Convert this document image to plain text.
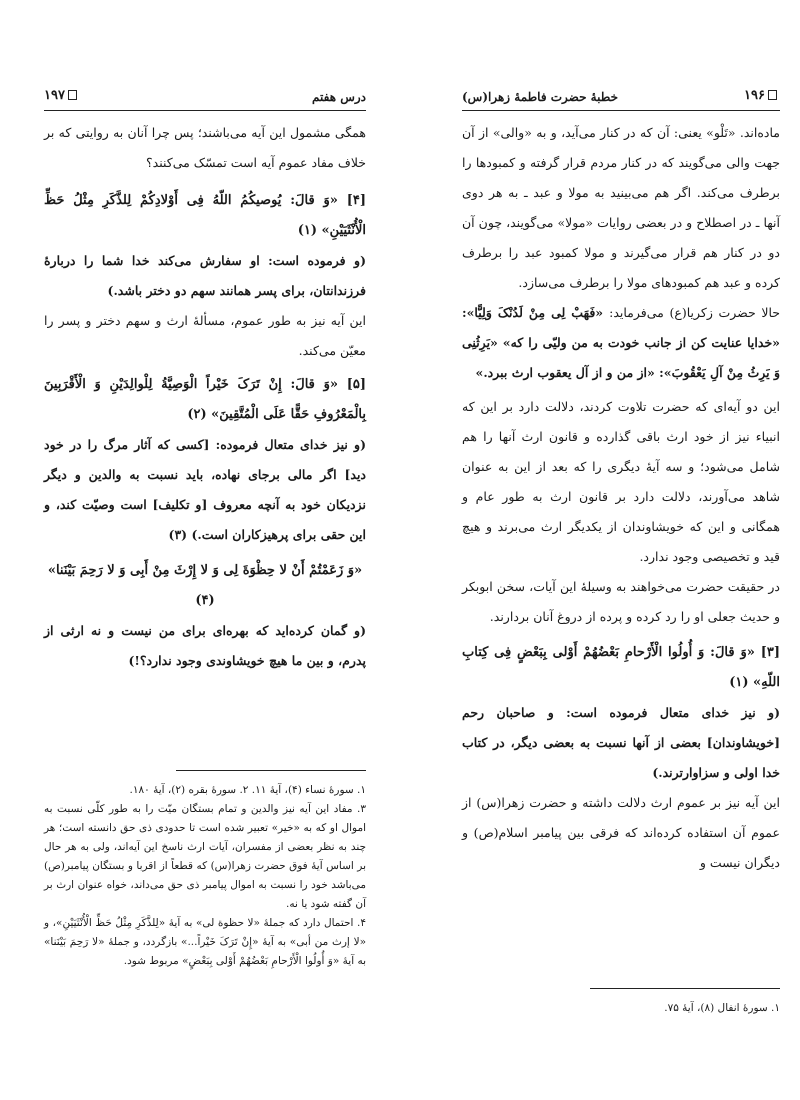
درس هفتم
۱۹۷

همگی مشمول این آیه می‌باشند؛ پس چرا آنان به روایتی که بر خلاف مفاد عموم آیه است تمسّک می‌کنند؟

[۴] «وَ قالَ: یُوصیکُمُ اللّهُ فِی أَوْلادِکُمْ لِلذَّکَرِ مِثْلُ حَظِّ الْأُنْثَیَیْنِ» (۱)

(و فرموده است: او سفارش می‌کند خدا شما را دربارهٔ فرزندانتان، برای پسر همانند سهم دو دختر باشد.)

این آیه نیز به طور عموم، مسألهٔ ارث و سهم دختر و پسر را معیّن می‌کند.

[۵] «وَ قالَ: إِنْ تَرَکَ خَیْراً الْوَصِیَّةُ لِلْوالِدَیْنِ وَ الْأَقْرَبِینَ بِالْمَعْرُوفِ حَقًّا عَلَی الْمُتَّقِینَ» (۲)

(و نیز خدای متعال فرموده: [کسی که آثار مرگ را در خود دید] اگر مالی برجای نهاده، باید نسبت به والدین و دیگر نزدیکان خود به آنچه معروف [و تکلیف] است وصیّت کند، و این حقی برای پرهیزکاران است.) (۳)

«وَ زَعَمْتُمْ أَنْ لا حِظْوَةَ لِی وَ لا إِرْثَ مِنْ أَبِی وَ لا رَحِمَ بَیْنَنا» (۴)

(و گمان کرده‌اید که بهره‌ای برای من نیست و نه ارثی از پدرم، و بین ما هیچ خویشاوندی وجود ندارد؟!)

۱. سورهٔ نساء (۴)، آیهٔ ۱۱. ۲. سورهٔ بقره (۲)، آیهٔ ۱۸۰.

۳. مفاد این آیه نیز والدین و تمام بستگان میّت را به طور کلّی نسبت به اموال او که به «خیر» تعبیر شده است تا حدودی ذی حق دانسته است؛ هر چند به نظر بعضی از مفسران، آیات ارث ناسخ این آیه‌اند، ولی به هر حال بر اساس آیهٔ فوق حضرت زهرا(س) که قطعاً از اقربا و بستگان پیامبر(ص) می‌باشد خود را نسبت به اموال پیامبر ذی حق می‌داند، خواه عنوان ارث بر آن گفته شود یا نه.

۴. احتمال دارد که جملهٔ «لا حظوة لی» به آیهٔ «لِلذَّکَرِ مِثْلُ حَظِّ الْأُنْثَیَیْنِ»، و «لا إرث من أبی» به آیهٔ «إِنْ تَرَکَ خَیْراً...» بازگردد، و جملهٔ «لا رَحِمَ بَیْنَنا» به آیهٔ «وَ أُولُوا الْأَرْحامِ بَعْضُهُمْ أَوْلی بِبَعْضٍ» مربوط شود.

۱۹۶
خطبهٔ حضرت فاطمهٔ زهرا(س)

ماده‌اند. «تَلْو» یعنی: آن که در کنار می‌آید، و به «والی» از آن جهت والی می‌گویند که در کنار مردم قرار گرفته و کمبودها را برطرف می‌کند. اگر هم می‌بینید به مولا و عبد ـ به هر دوی آنها ـ در اصطلاح و در بعضی روایات «مولا» می‌گویند، چون آن دو در کنار هم قرار می‌گیرند و مولا کمبود عبد را برطرف کرده و عبد هم کمبودهای مولا را برطرف می‌سازد.

حالا حضرت زکریا(ع) می‌فرماید: «فَهَبْ لِی مِنْ لَدُنْکَ وَلِیًّا»: «خدایا عنایت کن از جانب خودت به من ولیّی را که» «یَرِثُنِی وَ یَرِثُ مِنْ آلِ یَعْقُوبَ»: «از من و از آل یعقوب ارث ببرد.»

این دو آیه‌ای که حضرت تلاوت کردند، دلالت دارد بر این که انبیاء نیز از خود ارث باقی گذارده و قانون ارث آنها را هم شامل می‌شود؛ و سه آیهٔ دیگری را که بعد از این به عنوان شاهد می‌آورند، دلالت دارد بر قانون ارث به طور عام و همگانی و این که خویشاوندان از یکدیگر ارث می‌برند و هیچ قید و تخصیصی وجود ندارد.

در حقیقت حضرت می‌خواهند به وسیلهٔ این آیات، سخن ابوبکر و حدیث جعلی او را رد کرده و پرده از دروغ آنان بردارند.

[۳] «وَ قالَ: وَ أُولُوا الْأَرْحامِ بَعْضُهُمْ أَوْلی بِبَعْضٍ فِی کِتابِ اللّهِ» (۱)

(و نیز خدای متعال فرموده است: و صاحبان رحم [خویشاوندان] بعضی از آنها نسبت به بعضی دیگر، در کتاب خدا اولی و سزاوارترند.)

این آیه نیز بر عموم ارث دلالت داشته و حضرت زهرا(س) از عموم آن استفاده کرده‌اند که فرقی بین پیامبر اسلام(ص) و دیگران نیست و

۱. سورهٔ انفال (۸)، آیهٔ ۷۵.
